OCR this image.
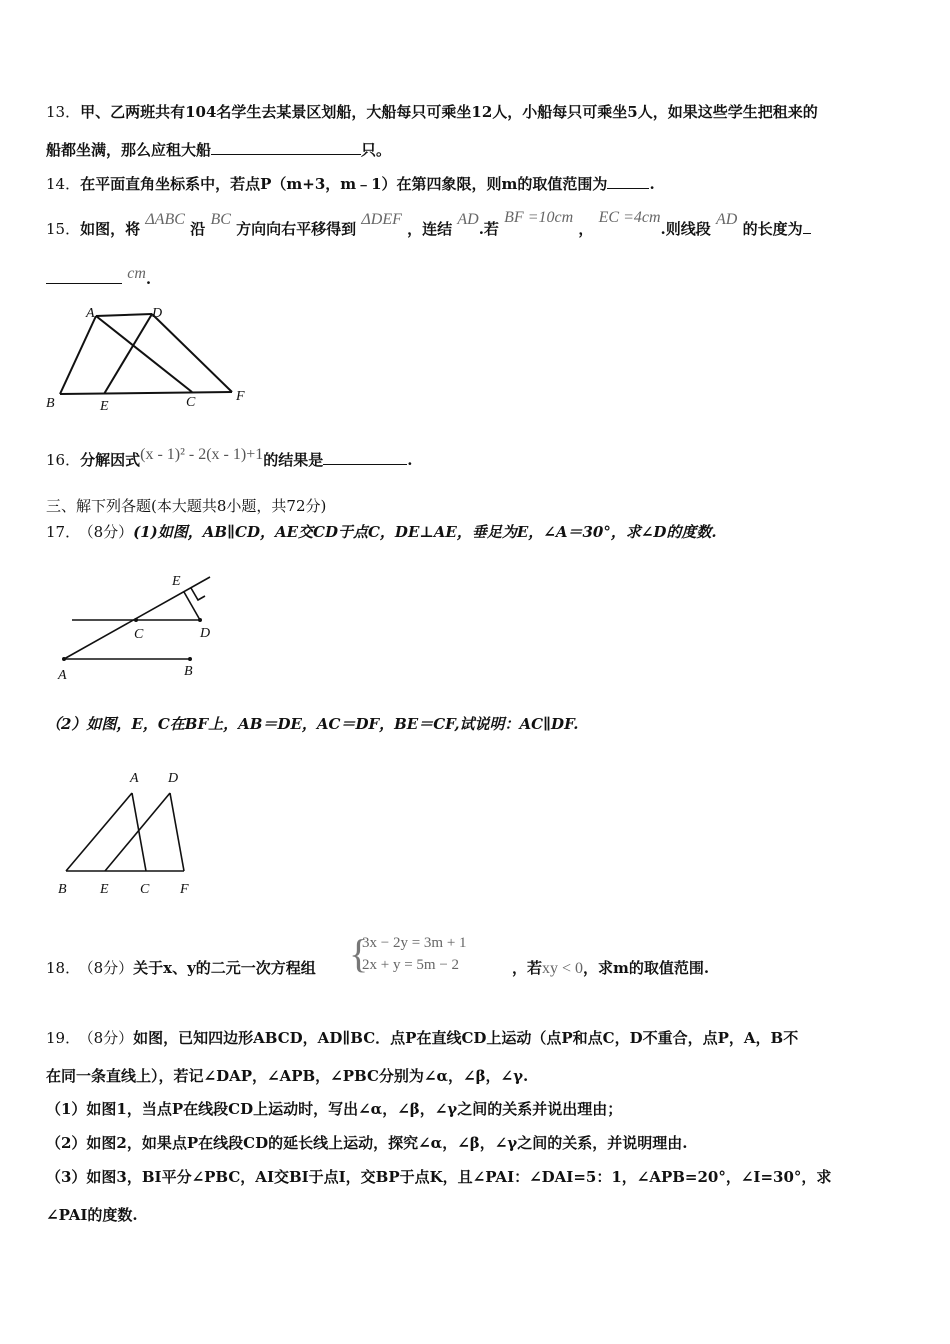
13．甲、乙两班共有104名学生去某景区划船，大船每只可乘坐12人，小船每只可乘坐5人，如果这些学生把租来的
船都坐满，那么应租大船	只。
14．在平面直角坐标系中，若点P（m+3，m﹣1）在第四象限，则m的取值范围为	.
15．如图，将 ΔABC 沿 BC 方向向右平移得到 ΔDEF ，连结 AD.若 BF =10cm ， EC =4cm.则线段 AD 的长度为
cm.
A	D
B	E	C	F
16．分解因式(x - 1)² - 2(x - 1)+1的结果是	.
三、解下列各题(本大题共8小题，共72分)
17． （8分）(1)如图，AB∥CD，AE交CD于点C，DE⊥AE，垂足为E，∠A＝30°，求∠D的度数.
E
C	D
A	B
（2）如图，E，C在BF上，AB＝DE，AC＝DF，BE＝CF,试说明：AC∥DF.
A D
B E C F
18． （8分）关于x、y的二元一次方程组 {
3x − 2y = 3m + 1
2x + y = 5m − 2	，若xy < 0，求m的取值范围.
19． （8分）如图，已知四边形ABCD，AD∥BC．点P在直线CD上运动（点P和点C，D不重合，点P，A，B不
在同一条直线上），若记∠DAP，∠APB，∠PBC分别为∠α，∠β，∠γ.
（1）如图1，当点P在线段CD上运动时，写出∠α，∠β，∠γ之间的关系并说出理由；
（2）如图2，如果点P在线段CD的延长线上运动，探究∠α，∠β，∠γ之间的关系，并说明理由.
（3）如图3，BI平分∠PBC，AI交BI于点I，交BP于点K，且∠PAI：∠DAI=5：1，∠APB=20°，∠I=30°，求
∠PAI的度数.
